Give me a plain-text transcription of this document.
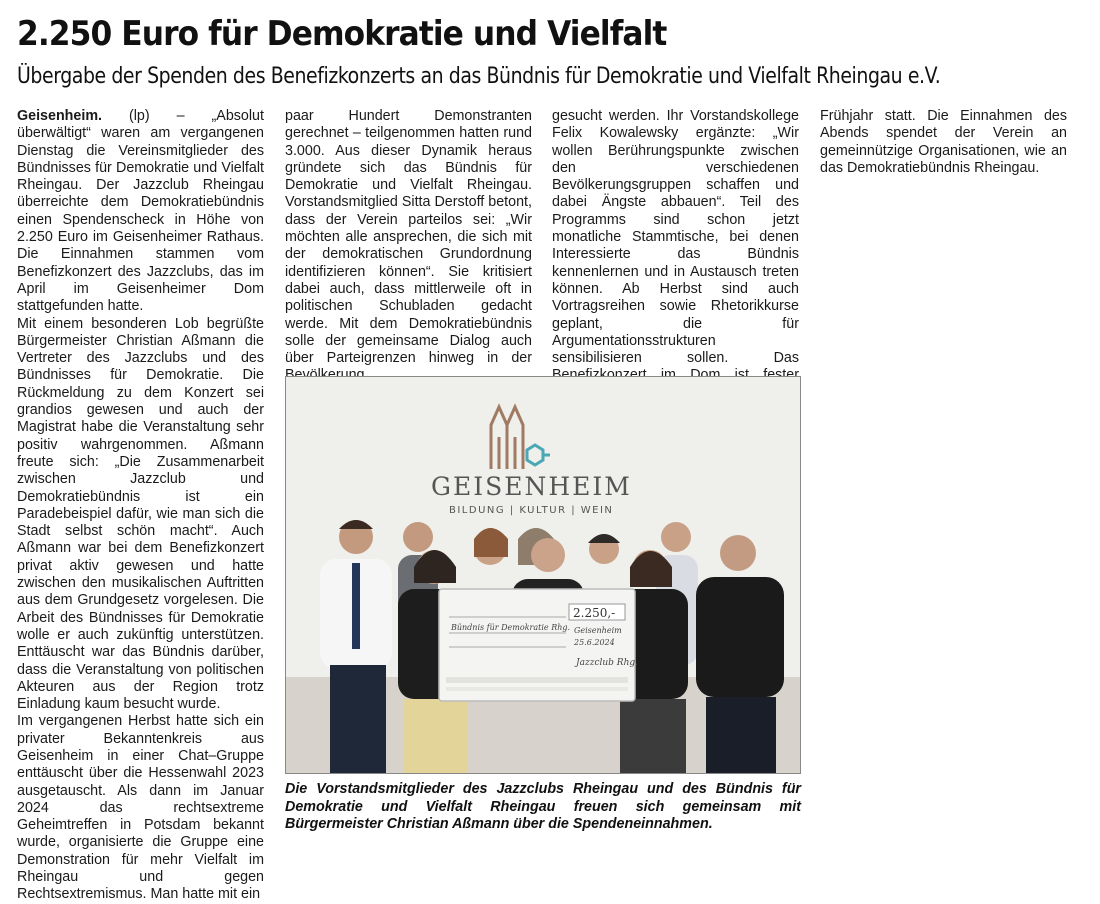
2.250 Euro für Demokratie und Vielfalt
Übergabe der Spenden des Benefizkonzerts an das Bündnis für Demokratie und Vielfalt Rheingau e.V.

Geisenheim. (lp) – „Absolut überwältigt“ waren am vergangenen Dienstag die Vereinsmitglieder des Bündnisses für Demokratie und Vielfalt Rheingau. Der Jazzclub Rheingau überreichte dem Demokratiebündnis einen Spendenscheck in Höhe von 2.250 Euro im Geisenheimer Rathaus. Die Einnahmen stammen vom Benefizkonzert des Jazzclubs, das im April im Geisenheimer Dom stattgefunden hatte.

Mit einem besonderen Lob begrüßte Bürgermeister Christian Aßmann die Vertreter des Jazzclubs und des Bündnisses für Demokratie. Die Rückmeldung zu dem Konzert sei grandios gewesen und auch der Magistrat habe die Veranstaltung sehr positiv wahrgenommen. Aßmann freute sich: „Die Zusammenarbeit zwischen Jazzclub und Demokratiebündnis ist ein Paradebeispiel dafür, wie man sich die Stadt selbst schön macht“. Auch Aßmann war bei dem Benefizkonzert privat aktiv gewesen und hatte zwischen den musikalischen Auftritten aus dem Grundgesetz vorgelesen. Die Arbeit des Bündnisses für Demokratie wolle er auch zukünftig unterstützen. Enttäuscht war das Bündnis darüber, dass die Veranstaltung von politischen Akteuren aus der Region trotz Einladung kaum besucht wurde.

Im vergangenen Herbst hatte sich ein privater Bekanntenkreis aus Geisenheim in einer Chat–Gruppe enttäuscht über die Hessenwahl 2023 ausgetauscht. Als dann im Januar 2024 das rechtsextreme Geheimtreffen in Potsdam bekannt wurde, organisierte die Gruppe eine Demonstration für mehr Vielfalt im Rheingau und gegen Rechtsextremismus. Man hatte mit ein

paar Hundert Demonstranten gerechnet – teilgenommen hatten rund 3.000. Aus dieser Dynamik heraus gründete sich das Bündnis für Demokratie und Vielfalt Rheingau. Vorstandsmitglied Sitta Derstoff betont, dass der Verein parteilos sei: „Wir möchten alle ansprechen, die sich mit der demokratischen Grundordnung identifizieren können“. Sie kritisiert dabei auch, dass mittlerweile oft in politischen Schubladen gedacht werde. Mit dem Demokratiebündnis solle der gemeinsame Dialog auch über Parteigrenzen hinweg in der

gesucht werden. Ihr Vorstandskollege Felix Kowalewsky ergänzte: „Wir wollen Berührungspunkte zwischen den verschiedenen Bevölkerungsgruppen schaffen und dabei Ängste abbauen“. Teil des Programms sind schon jetzt monatliche Stammtische, bei denen Interessierte das Bündnis kennenlernen und in Austausch treten können. Ab Herbst sind auch Vortragsreihen sowie Rhetorikkurse geplant, die für Argumentationsstrukturen sensibilisieren sollen. Das

Frühjahr statt. Die Einnahmen des Abends spendet der Verein an gemeinnützige Organisationen, wie an das Demokratiebündnis Rheingau.

GEISENHEIM
BILDUNG | KULTUR | WEIN
2.250,-
Bündnis für Demokratie Rhg. Geisenheim
25.6.2024
Jazzclub Rhg.

Die Vorstandsmitglieder des Jazzclubs Rheingau und des Bündnis für Demokratie und Vielfalt Rheingau freuen sich gemeinsam mit Bürgermeister Christian Aßmann über die Spendeneinnahmen.
